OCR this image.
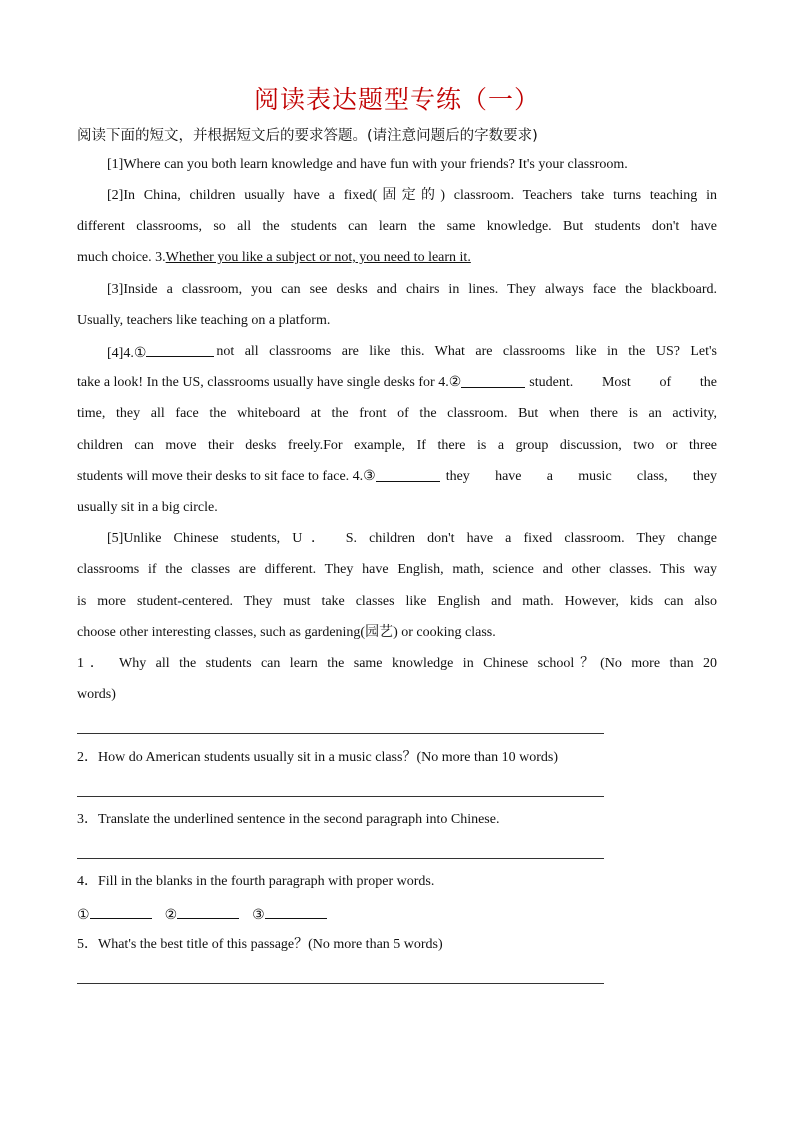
阅读表达题型专练（一）
阅读下面的短文，并根据短文后的要求答题。(请注意问题后的字数要求)
[1]Where can you both learn knowledge and have fun with your friends? It's your classroom.
[2]In China, children usually have a fixed(固定的) classroom. Teachers take turns teaching in
different classrooms, so all the students can learn the same knowledge. But students don't have
much choice. 3.Whether you like a subject or not, you need to learn it.
[3]Inside a classroom, you can see desks and chairs in lines. They always face the blackboard.
Usually, teachers like teaching on a platform.
[4]4.①	not all classrooms are like this. What are classrooms like in the US? Let's
take a look! In the US, classrooms usually have single desks for 4.②	student. Most of the
time, they all face the whiteboard at the front of the classroom. But when there is an activity,
children can move their desks freely.For example, If there is a group discussion, two or three
students will move their desks to sit face to face. 4.③	they have a music class, they
usually sit in a big circle.
[5]Unlike Chinese students, U． S. children don't have a fixed classroom. They change
classrooms if the classes are different. They have English, math, science and other classes. This way
is more student-centered. They must take classes like English and math. However, kids can also
choose other interesting classes, such as gardening(园艺) or cooking class.
1． Why all the students can learn the same knowledge in Chinese school？(No more than 20
words)
2．How do American students usually sit in a music class？(No more than 10 words)
3．Translate the underlined sentence in the second paragraph into Chinese.
4．Fill in the blanks in the fourth paragraph with proper words.
①	②	③
5．What's the best title of this passage？(No more than 5 words)
